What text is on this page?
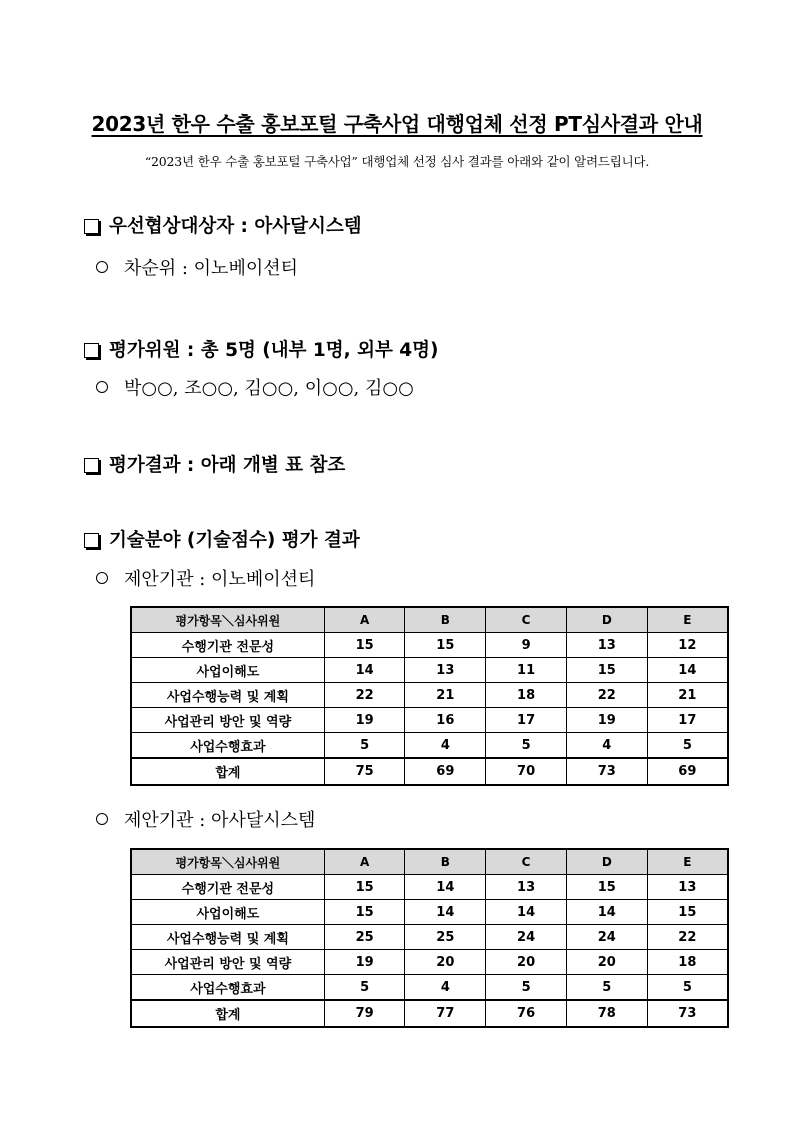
2023년 한우 수출 홍보포털 구축사업 대행업체 선정 PT심사결과 안내
“2023년 한우 수출 홍보포털 구축사업” 대행업체 선정 심사 결과를 아래와 같이 알려드립니다.
우선협상대상자 : 아사달시스템
차순위 : 이노베이션티
평가위원 : 총 5명 (내부 1명, 외부 4명)
박○○, 조○○, 김○○, 이○○, 김○○
평가결과 : 아래 개별 표 참조
기술분야 (기술점수) 평가 결과
제안기관 : 이노베이션티
평가항목＼심사위원	A	B	C	D	E
수행기관 전문성	15	15	9	13	12
사업이해도	14	13	11	15	14
사업수행능력 및 계획	22	21	18	22	21
사업관리 방안 및 역량	19	16	17	19	17
사업수행효과	5	4	5	4	5
합계	75	69	70	73	69
제안기관 : 아사달시스템
평가항목＼심사위원	A	B	C	D	E
수행기관 전문성	15	14	13	15	13
사업이해도	15	14	14	14	15
사업수행능력 및 계획	25	25	24	24	22
사업관리 방안 및 역량	19	20	20	20	18
사업수행효과	5	4	5	5	5
합계	79	77	76	78	73
